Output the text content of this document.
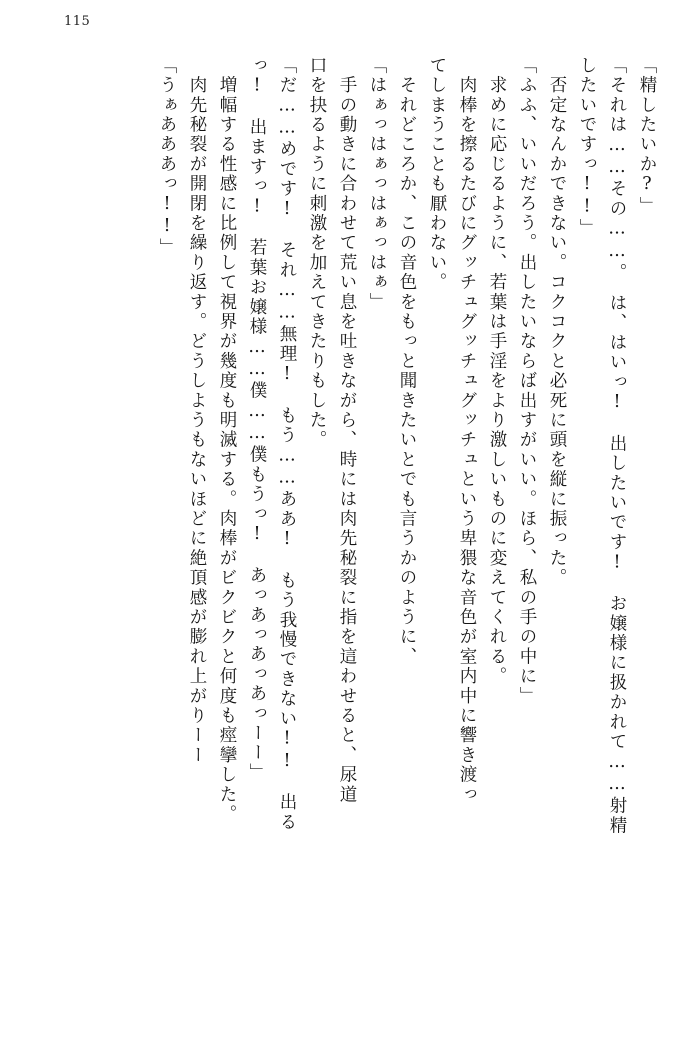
115
「精したいか?」
「それは……その……。　は、はいっ!　出したいです!　お嬢様に扱かれて……射精
したいですっ!!」
　否定なんかできない。コクコクと必死に頭を縦に振った。
「ふふ、いいだろう。出したいならば出すがいい。ほら、私の手の中に」
　求めに応じるように、若葉は手淫をより激しいものに変えてくれる。
　肉棒を擦るたびにグッチュグッチュグッチュという卑猥な音色が室内中に響き渡っ
てしまうことも厭わない。
　それどころか、この音色をもっと聞きたいとでも言うかのように、
「はぁっはぁっはぁっはぁ」
　手の動きに合わせて荒い息を吐きながら、時には肉先秘裂に指を這わせると、尿道
口を抉るように刺激を加えてきたりもした。
「だ……めです!　それ……無理!　もう……ああ!　もう我慢できない!!　出る
っ!　出ますっ!　若葉お嬢様……僕……僕もうっ!　あっあっあっあっーー」
　増幅する性感に比例して視界が幾度も明滅する。肉棒がビクビクと何度も痙攣した。
　肉先秘裂が開閉を繰り返す。どうしようもないほどに絶頂感が膨れ上がりーー
「うぁあああっ!!」
